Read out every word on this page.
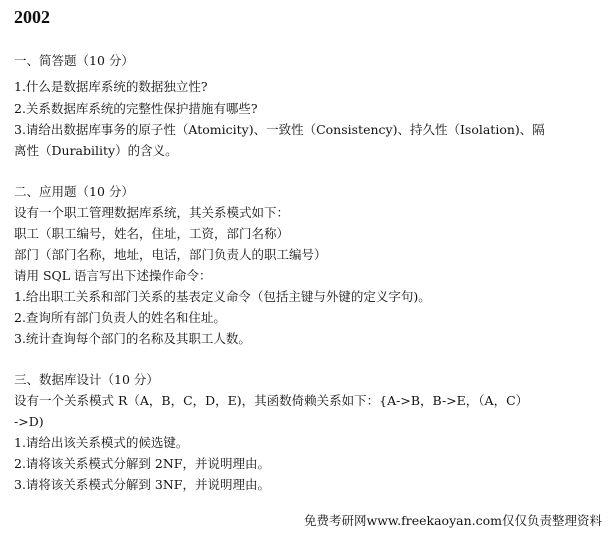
2002
一、简答题（10 分）
1.什么是数据库系统的数据独立性?
2.关系数据库系统的完整性保护措施有哪些?
3.请给出数据库事务的原子性（Atomicity)、一致性（Consistency)、持久性（Isolation)、隔
离性（Durability）的含义。
二、应用题（10 分）
设有一个职工管理数据库系统，其关系模式如下：
职工（职工编号，姓名，住址，工资，部门名称）
部门（部门名称，地址，电话，部门负责人的职工编号）
请用 SQL 语言写出下述操作命令：
1.给出职工关系和部门关系的基表定义命令（包括主键与外键的定义字句)。
2.查询所有部门负责人的姓名和住址。
3.统计查询每个部门的名称及其职工人数。
三、数据库设计（10 分）
设有一个关系模式 R（A，B，C，D，E)，其函数倚赖关系如下：{A->B，B->E，（A，C）
->D)
1.请给出该关系模式的候选键。
2.请将该关系模式分解到 2NF，并说明理由。
3.请将该关系模式分解到 3NF，并说明理由。
免费考研网www.freekaoyan.com仅仅负责整理资料
